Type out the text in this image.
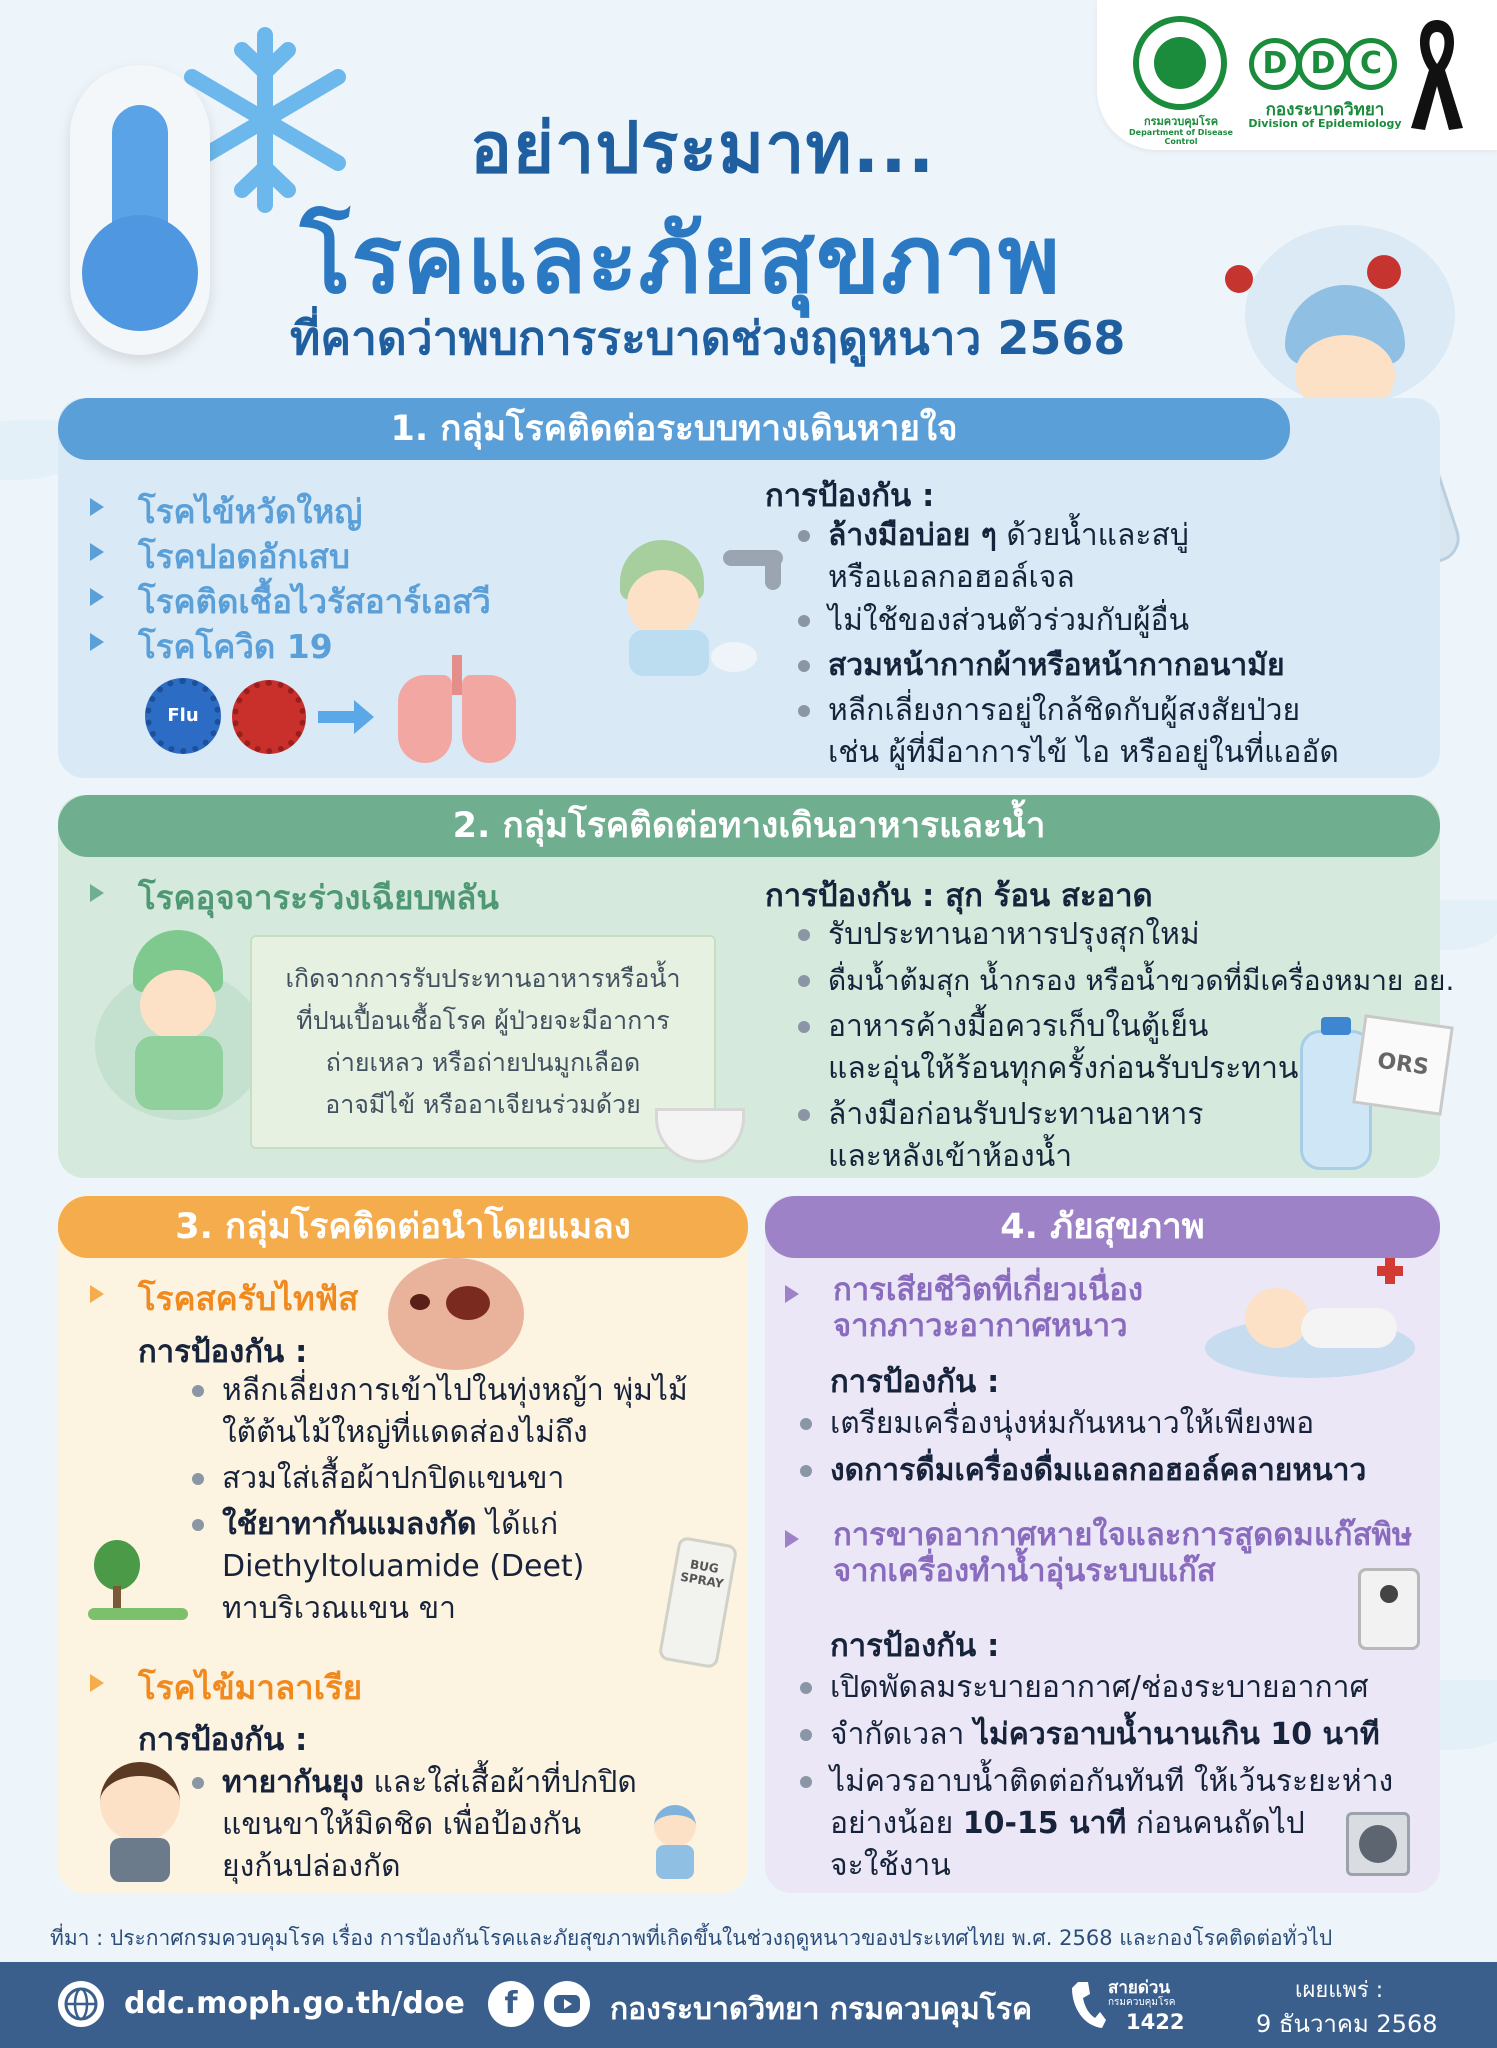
กรมควบคุมโรค
Department of Disease Control
D D C
กองระบาดวิทยา
Division of Epidemiology
อย่าประมาท...
โรคและภัยสุขภาพ
ที่คาดว่าพบการระบาดช่วงฤดูหนาว 2568
1. กลุ่มโรคติดต่อระบบทางเดินหายใจ
โรคไข้หวัดใหญ่
โรคปอดอักเสบ
โรคติดเชื้อไวรัสอาร์เอสวี
โรคโควิด 19
Flu
การป้องกัน :
ล้างมือบ่อย ๆ ด้วยน้ำและสบู่
หรือแอลกอฮอล์เจล
ไม่ใช้ของส่วนตัวร่วมกับผู้อื่น
สวมหน้ากากผ้าหรือหน้ากากอนามัย
หลีกเลี่ยงการอยู่ใกล้ชิดกับผู้สงสัยป่วย
เช่น ผู้ที่มีอาการไข้ ไอ หรืออยู่ในที่แออัด
2. กลุ่มโรคติดต่อทางเดินอาหารและน้ำ
โรคอุจจาระร่วงเฉียบพลัน
เกิดจากการรับประทานอาหารหรือน้ำ
ที่ปนเปื้อนเชื้อโรค ผู้ป่วยจะมีอาการ
ถ่ายเหลว หรือถ่ายปนมูกเลือด
อาจมีไข้ หรืออาเจียนร่วมด้วย
การป้องกัน : สุก ร้อน สะอาด
รับประทานอาหารปรุงสุกใหม่
ดื่มน้ำต้มสุก น้ำกรอง หรือน้ำขวดที่มีเครื่องหมาย อย.
อาหารค้างมื้อควรเก็บในตู้เย็น
และอุ่นให้ร้อนทุกครั้งก่อนรับประทาน
ล้างมือก่อนรับประทานอาหาร
และหลังเข้าห้องน้ำ
ORS
3. กลุ่มโรคติดต่อนำโดยแมลง
โรคสครับไทฟัส
การป้องกัน :
หลีกเลี่ยงการเข้าไปในทุ่งหญ้า พุ่มไม้
ใต้ต้นไม้ใหญ่ที่แดดส่องไม่ถึง
สวมใส่เสื้อผ้าปกปิดแขนขา
ใช้ยาทากันแมลงกัด ได้แก่
Diethyltoluamide (Deet)
ทาบริเวณแขน ขา
BUG SPRAY
โรคไข้มาลาเรีย
การป้องกัน :
ทายากันยุง และใส่เสื้อผ้าที่ปกปิด
แขนขาให้มิดชิด เพื่อป้องกัน
ยุงก้นปล่องกัด
4. ภัยสุขภาพ
การเสียชีวิตที่เกี่ยวเนื่อง
จากภาวะอากาศหนาว
การป้องกัน :
เตรียมเครื่องนุ่งห่มกันหนาวให้เพียงพอ
งดการดื่มเครื่องดื่มแอลกอฮอล์คลายหนาว
การขาดอากาศหายใจและการสูดดมแก๊สพิษ
จากเครื่องทำน้ำอุ่นระบบแก๊ส
การป้องกัน :
เปิดพัดลมระบายอากาศ/ช่องระบายอากาศ
จำกัดเวลา ไม่ควรอาบน้ำนานเกิน 10 นาที
ไม่ควรอาบน้ำติดต่อกันทันที ให้เว้นระยะห่าง
อย่างน้อย 10-15 นาที ก่อนคนถัดไป
จะใช้งาน
ที่มา : ประกาศกรมควบคุมโรค เรื่อง การป้องกันโรคและภัยสุขภาพที่เกิดขึ้นในช่วงฤดูหนาวของประเทศไทย พ.ศ. 2568 และกองโรคติดต่อทั่วไป
ddc.moph.go.th/doe	f	กองระบาดวิทยา กรมควบคุมโรค
สายด่วน
กรมควบคุมโรค
1422
เผยแพร่ :
9 ธันวาคม 2568
